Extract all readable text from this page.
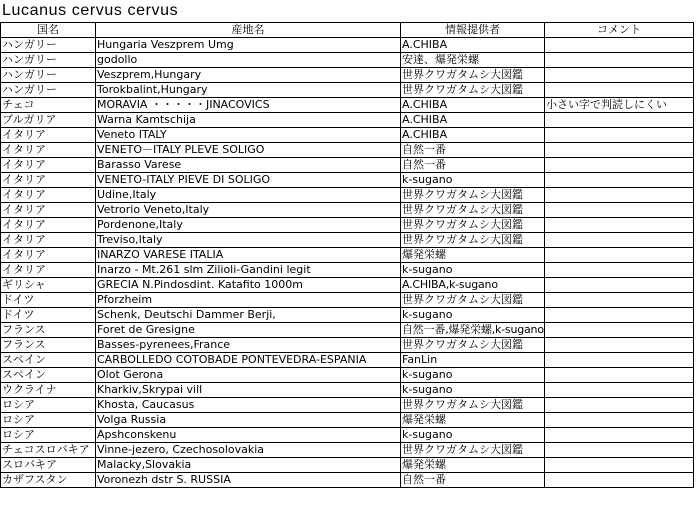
Lucanus cervus cervus
国名	産地名	情報提供者	コメント
ハンガリー	Hungaria Veszprem Umg	A.CHIBA	
ハンガリー	godollo	安達、爆発栄螺	
ハンガリー	Veszprem,Hungary	世界クワガタムシ大図鑑	
ハンガリー	Torokbalint,Hungary	世界クワガタムシ大図鑑	
チェコ	MORAVIA ・・・・・JINACOVICS	A.CHIBA	小さい字で判読しにくい
ブルガリア	Warna Kamtschija	A.CHIBA	
イタリア	Veneto ITALY	A.CHIBA	
イタリア	VENETO－ITALY PLEVE SOLIGO	自然一番	
イタリア	Barasso Varese	自然一番	
イタリア	VENETO-ITALY PIEVE DI SOLIGO	k-sugano	
イタリア	Udine,Italy	世界クワガタムシ大図鑑	
イタリア	Vetrorio Veneto,Italy	世界クワガタムシ大図鑑	
イタリア	Pordenone,Italy	世界クワガタムシ大図鑑	
イタリア	Treviso,Italy	世界クワガタムシ大図鑑	
イタリア	INARZO VARESE ITALIA	爆発栄螺	
イタリア	Inarzo - Mt.261 slm Zilioli-Gandini legit	k-sugano	
ギリシャ	GRECIA N.Pindosdint. Katafito 1000m	A.CHIBA,k-sugano	
ドイツ	Pforzheim	世界クワガタムシ大図鑑	
ドイツ	Schenk, Deutschi Dammer Berji,	k-sugano	
フランス	Foret de Gresigne	自然一番,爆発栄螺,k-sugano	
フランス	Basses-pyrenees,France	世界クワガタムシ大図鑑	
スペイン	CARBOLLEDO COTOBADE PONTEVEDRA-ESPANIA	FanLin	
スペイン	Olot Gerona	k-sugano	
ウクライナ	Kharkiv,Skrypai vill	k-sugano	
ロシア	Khosta, Caucasus	世界クワガタムシ大図鑑	
ロシア	Volga Russia	爆発栄螺	
ロシア	Apshconskenu	k-sugano	
チェコスロバキア	Vinne-jezero, Czechosolovakia	世界クワガタムシ大図鑑	
スロバキア	Malacky,Slovakia	爆発栄螺	
カザフスタン	Voronezh dstr S. RUSSIA	自然一番	
